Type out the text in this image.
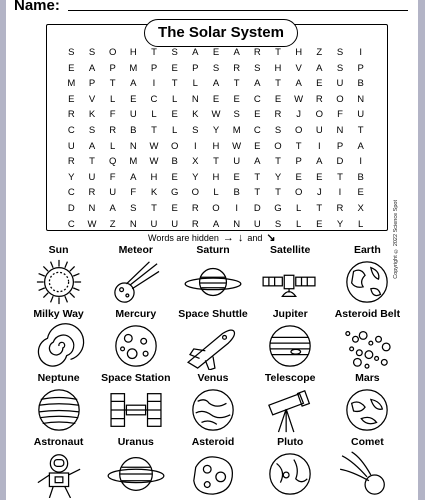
Name:
Copyright © 2022 Science Spot
The Solar System
S	S	O	H	T	S	A	E	A	R	T	H	Z	S	I
E	A	P	M	P	E	P	S	R	S	H	V	A	S	P
M	P	T	A	I	T	L	A	T	A	T	A	E	U	B
E	V	L	E	C	L	N	E	E	C	E	W	R	O	N
R	K	F	U	L	E	K	W	S	E	R	J	O	F	U
C	S	R	B	T	L	S	Y	M	C	S	O	U	N	T
U	A	L	N	W	O	I	H	W	E	O	T	I	P	A
R	T	Q	M	W	B	X	T	U	A	T	P	A	D	I
Y	U	F	A	H	E	Y	H	E	T	Y	E	E	T	B
C	R	U	F	K	G	O	L	B	T	T	O	J	I	E
D	N	A	S	T	E	R	O	I	D	G	L	T	R	X
C	W	Z	N	U	U	R	A	N	U	S	L	E	Y	L
Words are hidden → ↓ and ↘
Sun	Meteor	Saturn	Satellite	Earth
Milky Way	Mercury	Space Shuttle	Jupiter	Asteroid Belt
Neptune	Space Station	Venus	Telescope	Mars
Astronaut	Uranus	Asteroid	Pluto	Comet
